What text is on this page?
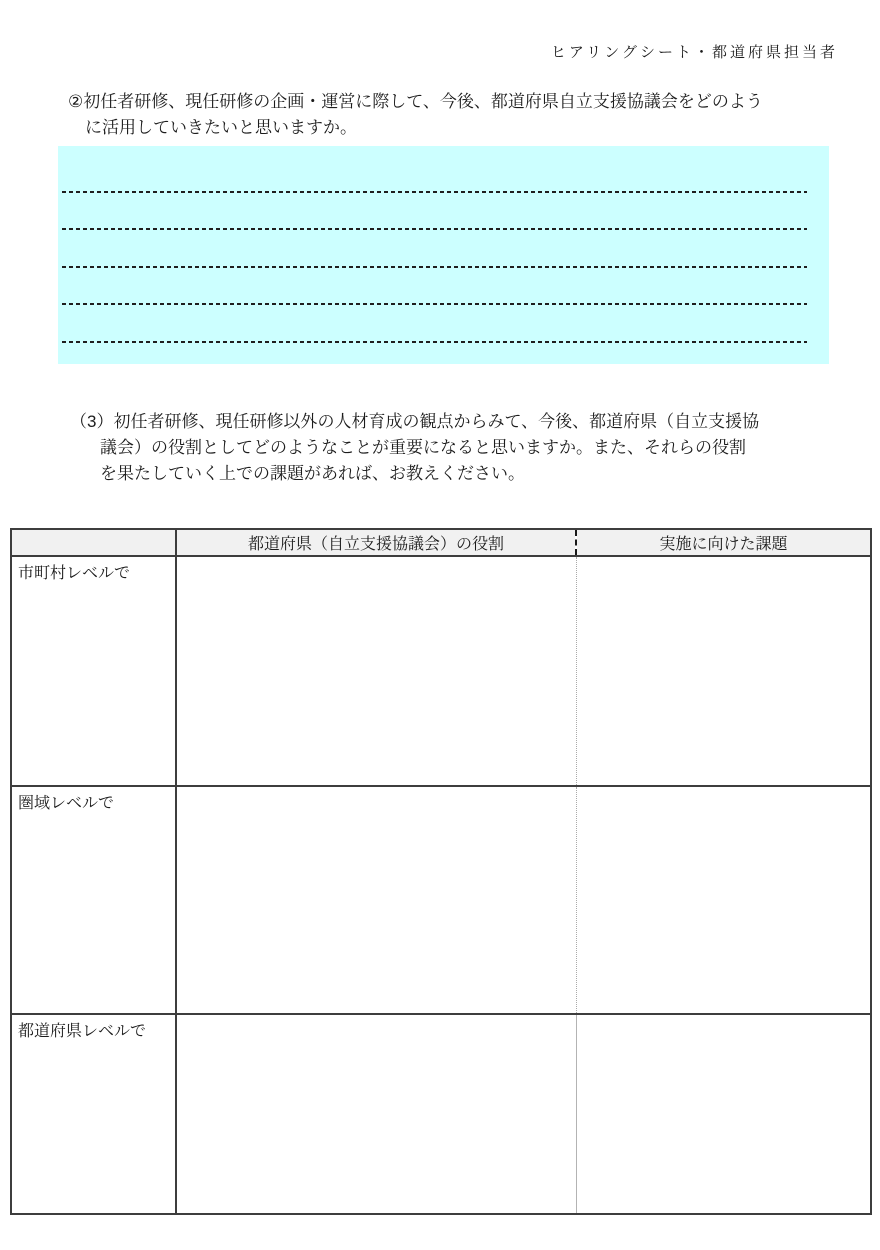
ヒアリングシート・都道府県担当者
②初任者研修、現任研修の企画・運営に際して、今後、都道府県自立支援協議会をどのよう
に活用していきたいと思いますか。
（3）初任者研修、現任研修以外の人材育成の観点からみて、今後、都道府県（自立支援協
議会）の役割としてどのようなことが重要になると思いますか。また、それらの役割
を果たしていく上での課題があれば、お教えください。
	都道府県（自立支援協議会）の役割	実施に向けた課題
市町村レベルで		
圏域レベルで		
都道府県レベルで		
